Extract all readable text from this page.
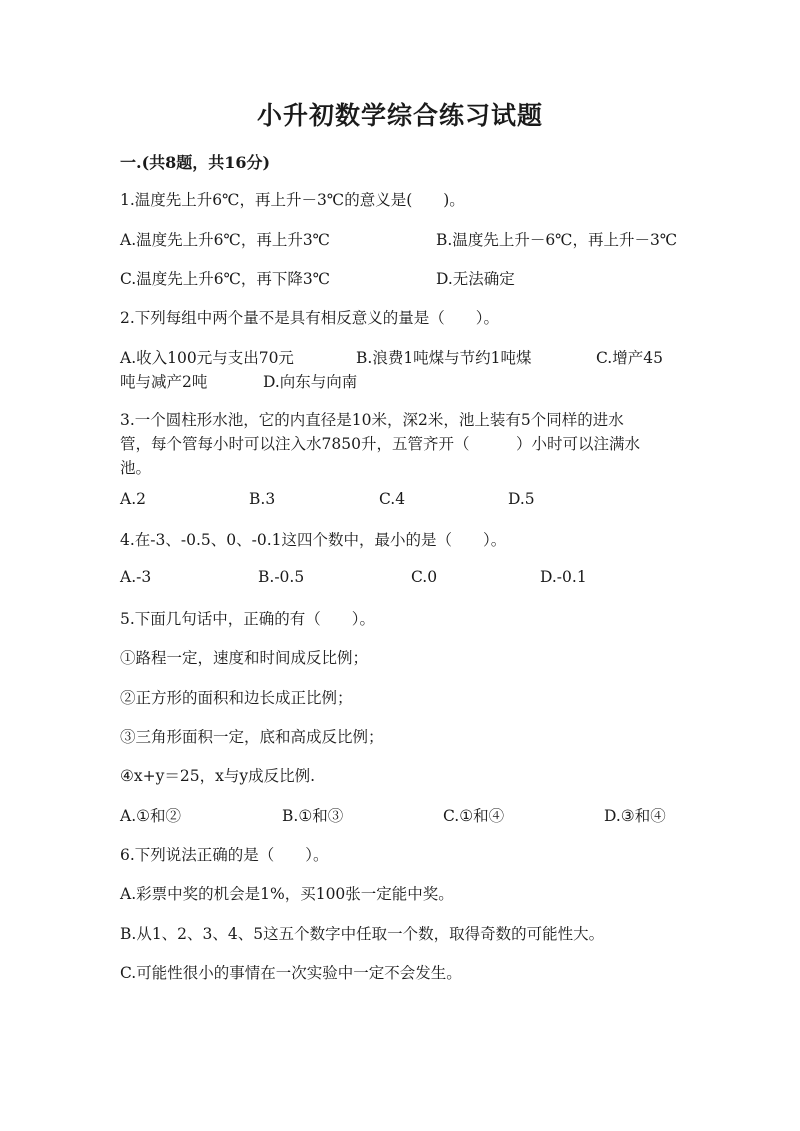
小升初数学综合练习试题
一.(共8题，共16分)
1.温度先上升6℃，再上升－3℃的意义是(　　)。
A.温度先上升6℃，再上升3℃	B.温度先上升－6℃，再上升－3℃
C.温度先上升6℃，再下降3℃	D.无法确定
2.下列每组中两个量不是具有相反意义的量是（　　）。
A.收入100元与支出70元	B.浪费1吨煤与节约1吨煤	C.增产45
吨与减产2吨	D.向东与向南
3.一个圆柱形水池，它的内直径是10米，深2米，池上装有5个同样的进水
管，每个管每小时可以注入水7850升，五管齐开（　　　）小时可以注满水
池。
A.2	B.3	C.4	D.5
4.在-3、-0.5、0、-0.1这四个数中，最小的是（　　）。
A.-3	B.-0.5	C.0	D.-0.1
5.下面几句话中，正确的有（　　）。
①路程一定，速度和时间成反比例；
②正方形的面积和边长成正比例；
③三角形面积一定，底和高成反比例；
④x+y＝25，x与y成反比例.
A.①和②	B.①和③	C.①和④	D.③和④
6.下列说法正确的是（　　）。
A.彩票中奖的机会是1%，买100张一定能中奖。
B.从1、2、3、4、5这五个数字中任取一个数，取得奇数的可能性大。
C.可能性很小的事情在一次实验中一定不会发生。
